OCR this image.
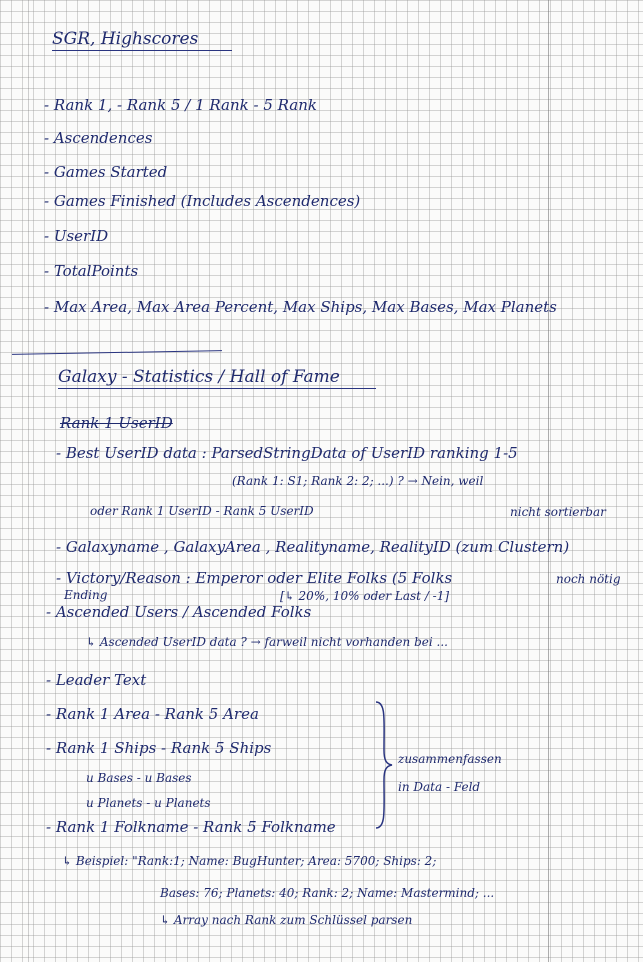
SGR, Highscores
- Rank 1, - Rank 5 / 1 Rank - 5 Rank
- Ascendences
- Games Started
- Games Finished (Includes Ascendences)
- UserID
- TotalPoints
- Max Area, Max Area Percent, Max Ships, Max Bases, Max Planets
Galaxy - Statistics / Hall of Fame
Rank 1 UserID
- Best UserID data : ParsedStringData of UserID ranking 1-5
(Rank 1: S1; Rank 2: 2; ...) ? → Nein, weil
oder Rank 1 UserID - Rank 5 UserID	nicht sortierbar
- Galaxyname , GalaxyArea , Realityname, RealityID (zum Clustern)
- Victory/Reason : Emperor oder Elite Folks (5 Folks	noch nötig
Ending	[↳ 20%, 10% oder Last / -1]
- Ascended Users / Ascended Folks
↳ Ascended UserID data ? → farweil nicht vorhanden bei ...
- Leader Text
- Rank 1 Area - Rank 5 Area
- Rank 1 Ships - Rank 5 Ships
u Bases - u Bases
u Planets - u Planets
- Rank 1 Folkname - Rank 5 Folkname
zusammenfassen
in Data - Feld
↳ Beispiel: "Rank:1; Name: BugHunter; Area: 5700; Ships: 2;
Bases: 76; Planets: 40; Rank: 2; Name: Mastermind; ...
↳ Array nach Rank zum Schlüssel parsen
